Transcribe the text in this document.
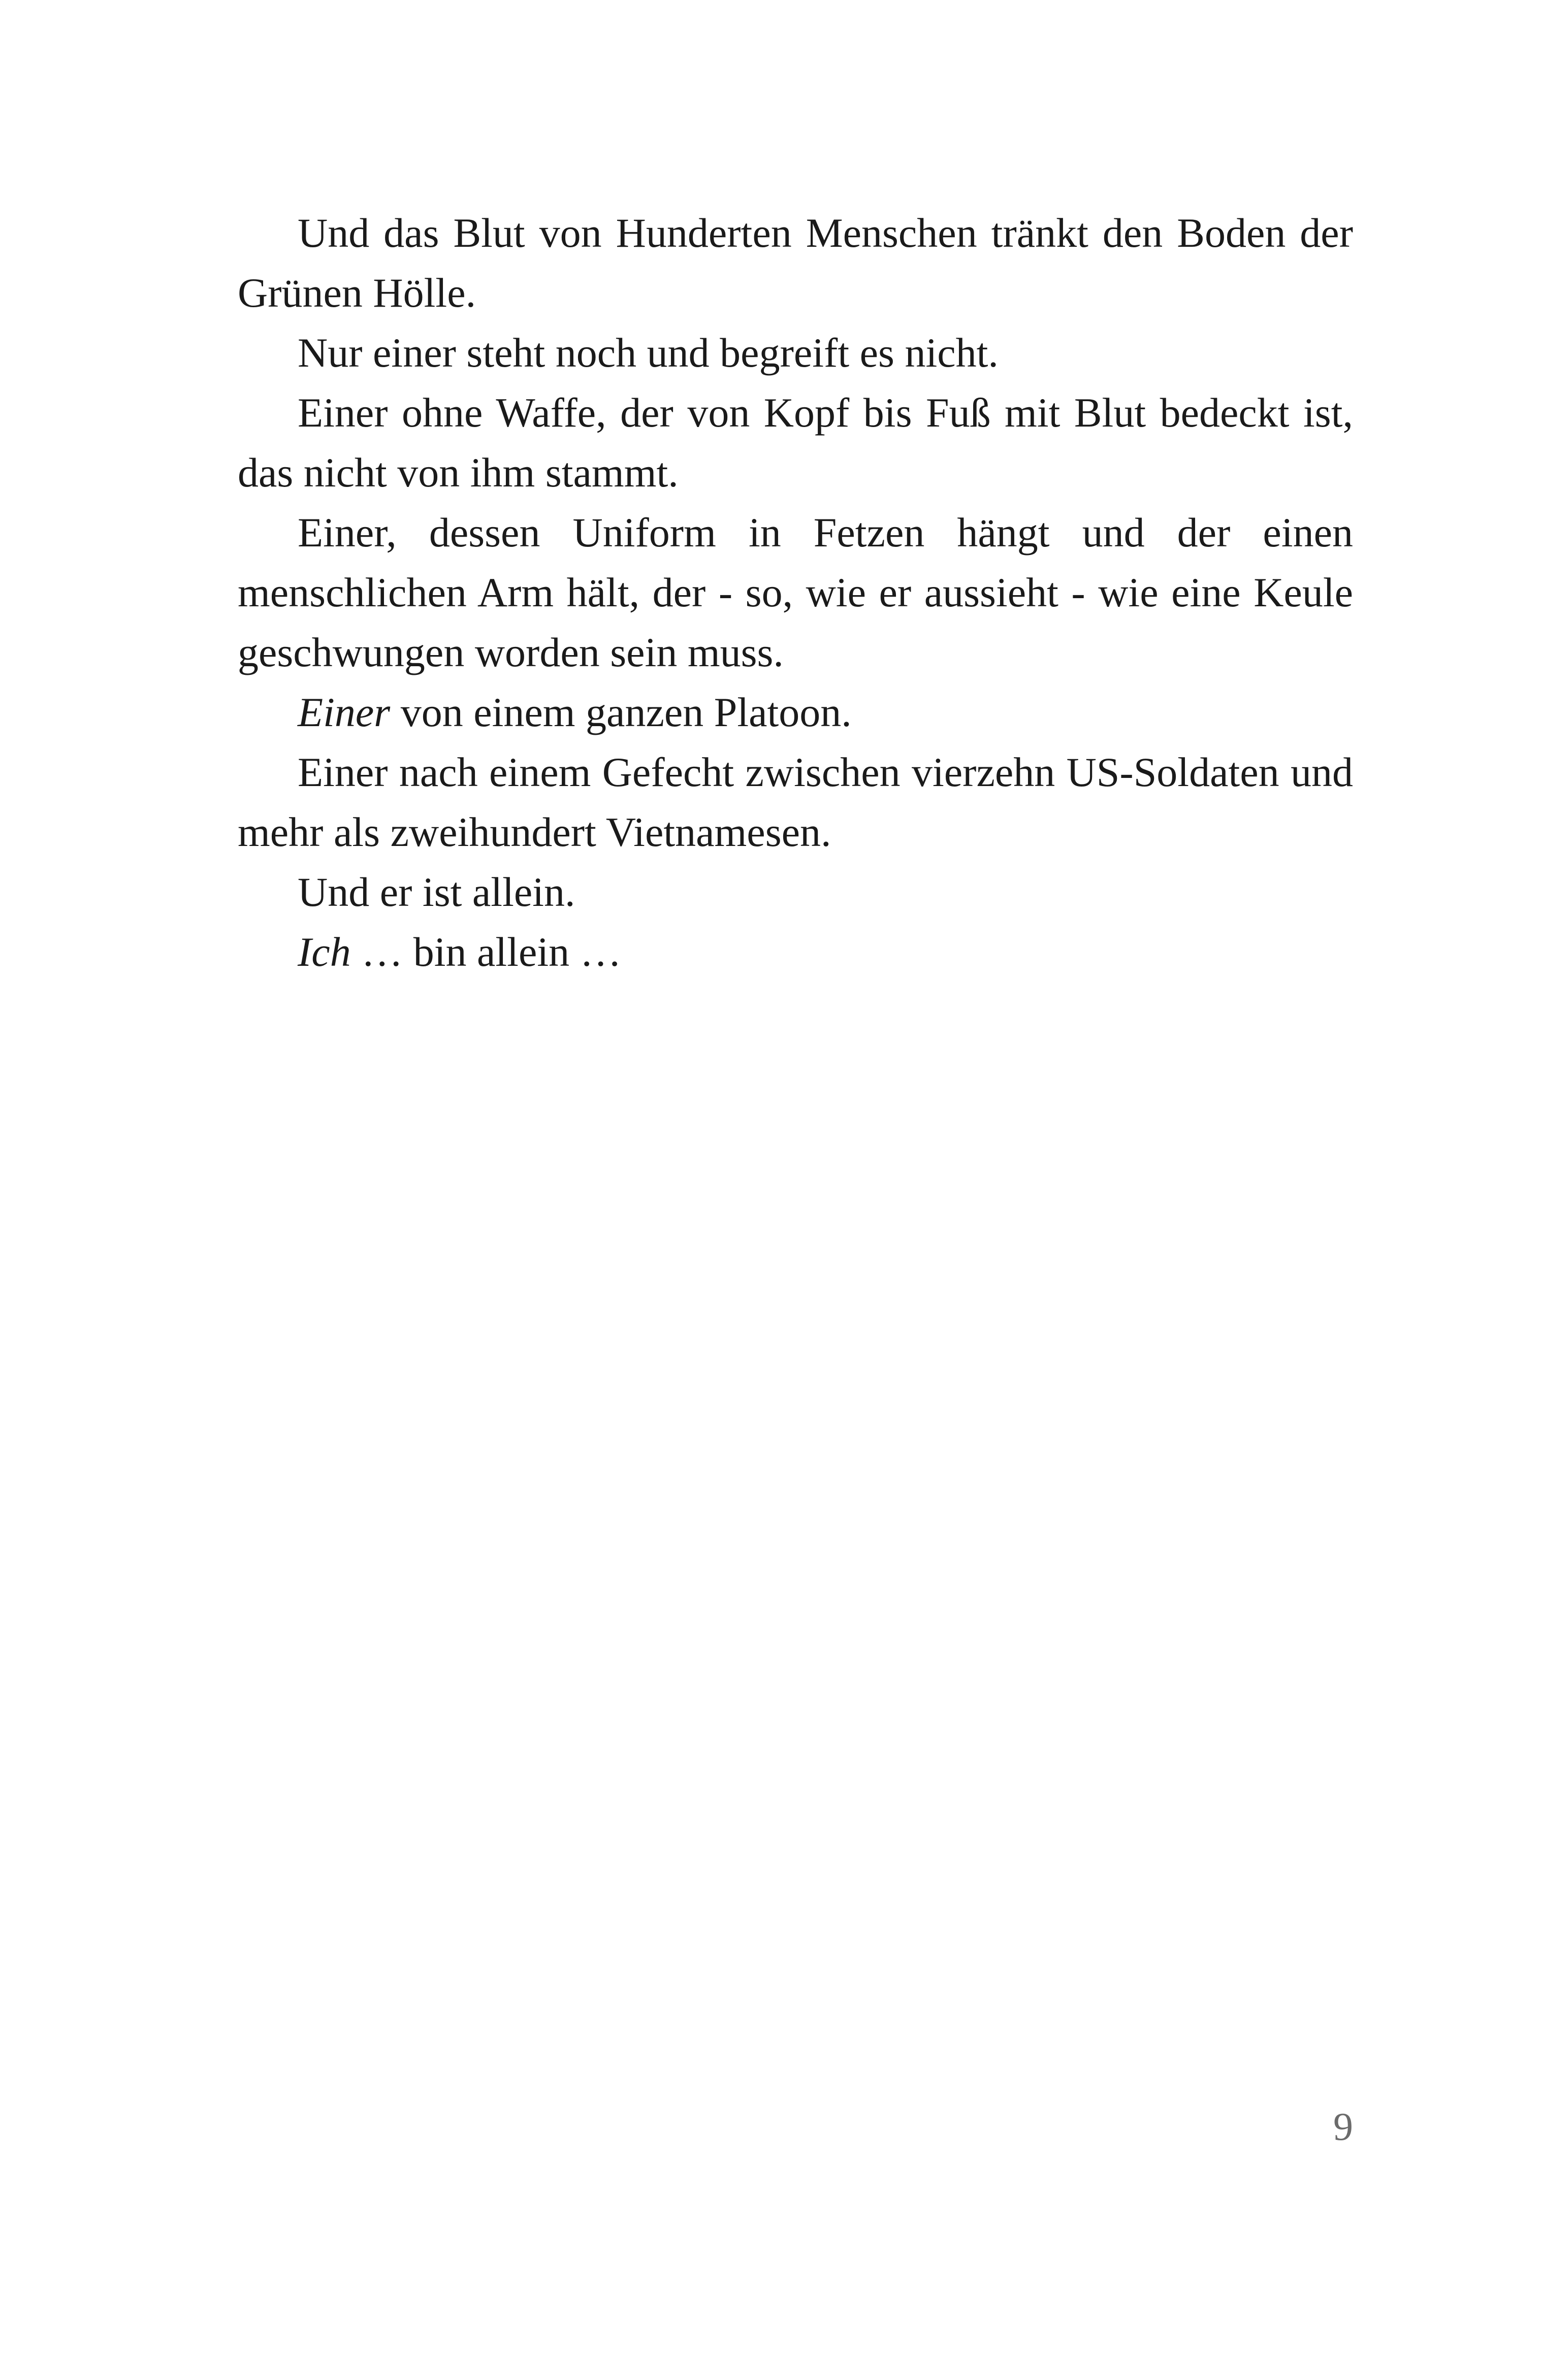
Und das Blut von Hunderten Menschen tränkt den Boden der Grünen Hölle.

Nur einer steht noch und begreift es nicht.

Einer ohne Waffe, der von Kopf bis Fuß mit Blut bedeckt ist, das nicht von ihm stammt.

Einer, dessen Uniform in Fetzen hängt und der einen menschlichen Arm hält, der - so, wie er aussieht - wie eine Keule geschwungen worden sein muss.

Einer von einem ganzen Platoon.

Einer nach einem Gefecht zwischen vierzehn US-Soldaten und mehr als zweihundert Vietnamesen.

Und er ist allein.

Ich … bin allein …

9
